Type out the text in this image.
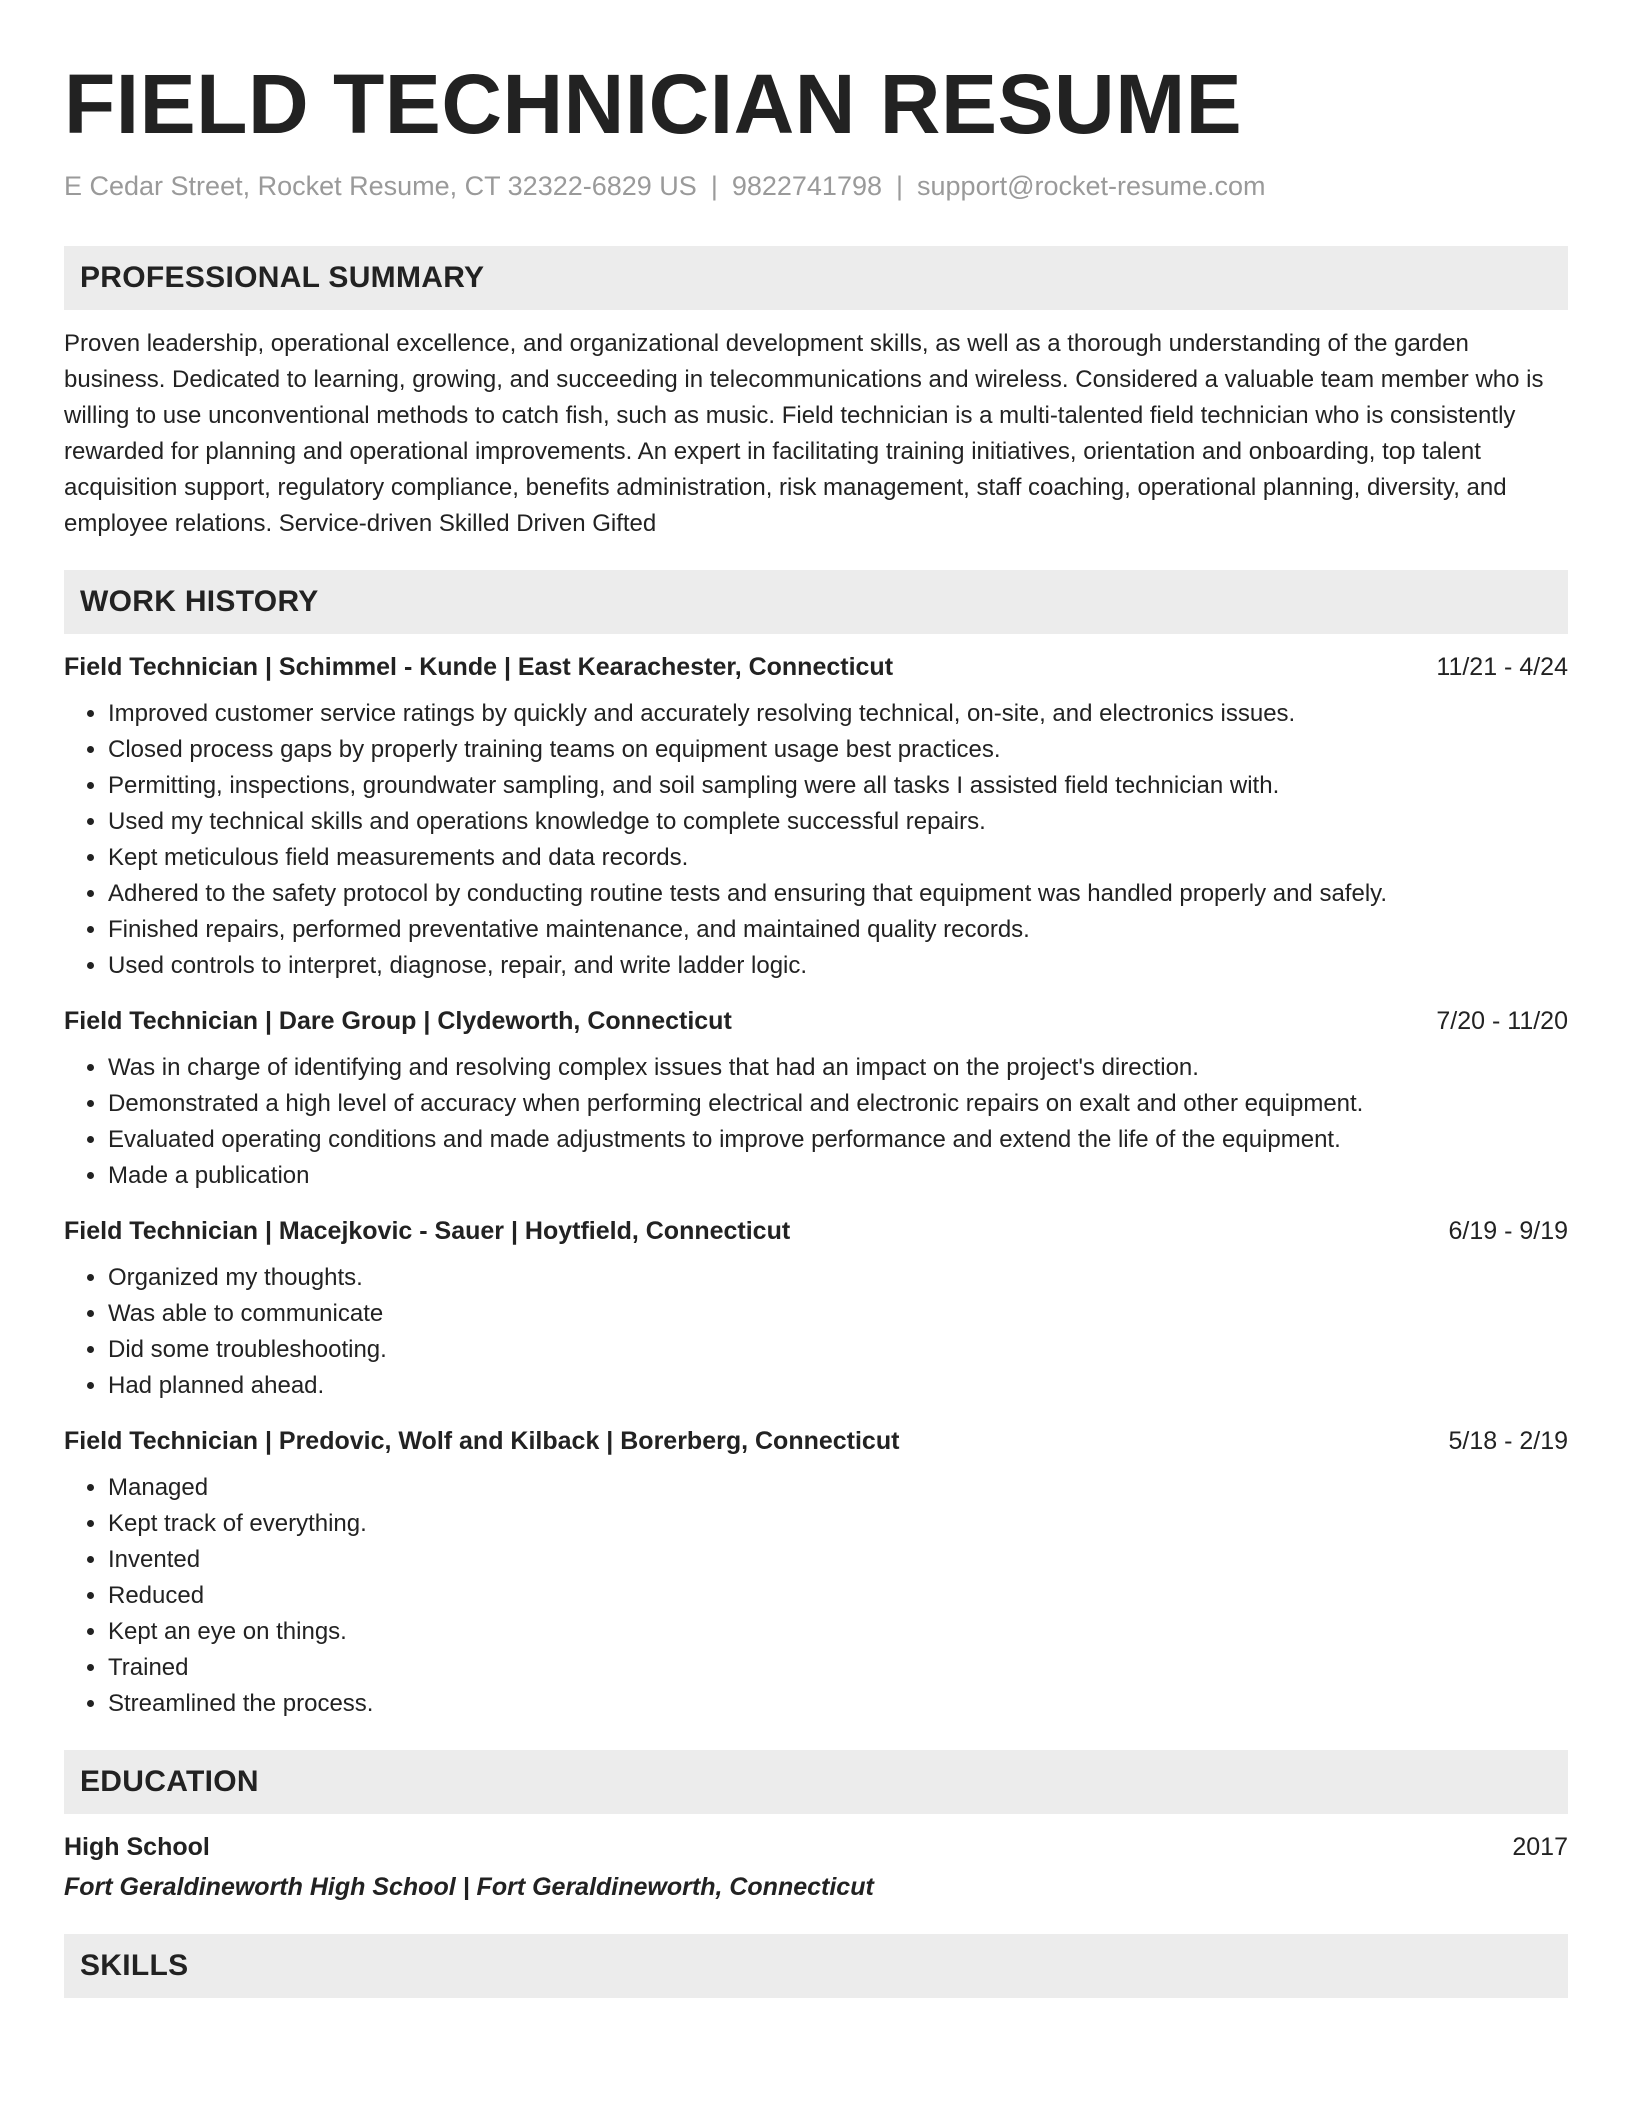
FIELD TECHNICIAN RESUME
E Cedar Street, Rocket Resume, CT 32322-6829 US | 9822741798 | support@rocket-resume.com
PROFESSIONAL SUMMARY

Proven leadership, operational excellence, and organizational development skills, as well as a thorough understanding of the garden business. Dedicated to learning, growing, and succeeding in telecommunications and wireless. Considered a valuable team member who is willing to use unconventional methods to catch fish, such as music. Field technician is a multi-talented field technician who is consistently rewarded for planning and operational improvements. An expert in facilitating training initiatives, orientation and onboarding, top talent acquisition support, regulatory compliance, benefits administration, risk management, staff coaching, operational planning, diversity, and employee relations. Service-driven Skilled Driven Gifted

WORK HISTORY
Field Technician | Schimmel - Kunde | East Kearachester, Connecticut	11/21 - 4/24
• Improved customer service ratings by quickly and accurately resolving technical, on-site, and electronics issues.
• Closed process gaps by properly training teams on equipment usage best practices.
• Permitting, inspections, groundwater sampling, and soil sampling were all tasks I assisted field technician with.
• Used my technical skills and operations knowledge to complete successful repairs.
• Kept meticulous field measurements and data records.
• Adhered to the safety protocol by conducting routine tests and ensuring that equipment was handled properly and safely.
• Finished repairs, performed preventative maintenance, and maintained quality records.
• Used controls to interpret, diagnose, repair, and write ladder logic.
Field Technician | Dare Group | Clydeworth, Connecticut	7/20 - 11/20
• Was in charge of identifying and resolving complex issues that had an impact on the project's direction.
• Demonstrated a high level of accuracy when performing electrical and electronic repairs on exalt and other equipment.
• Evaluated operating conditions and made adjustments to improve performance and extend the life of the equipment.
• Made a publication
Field Technician | Macejkovic - Sauer | Hoytfield, Connecticut	6/19 - 9/19
• Organized my thoughts.
• Was able to communicate
• Did some troubleshooting.
• Had planned ahead.
Field Technician | Predovic, Wolf and Kilback | Borerberg, Connecticut	5/18 - 2/19
• Managed
• Kept track of everything.
• Invented
• Reduced
• Kept an eye on things.
• Trained
• Streamlined the process.
EDUCATION
High School	2017
Fort Geraldineworth High School | Fort Geraldineworth, Connecticut
SKILLS
